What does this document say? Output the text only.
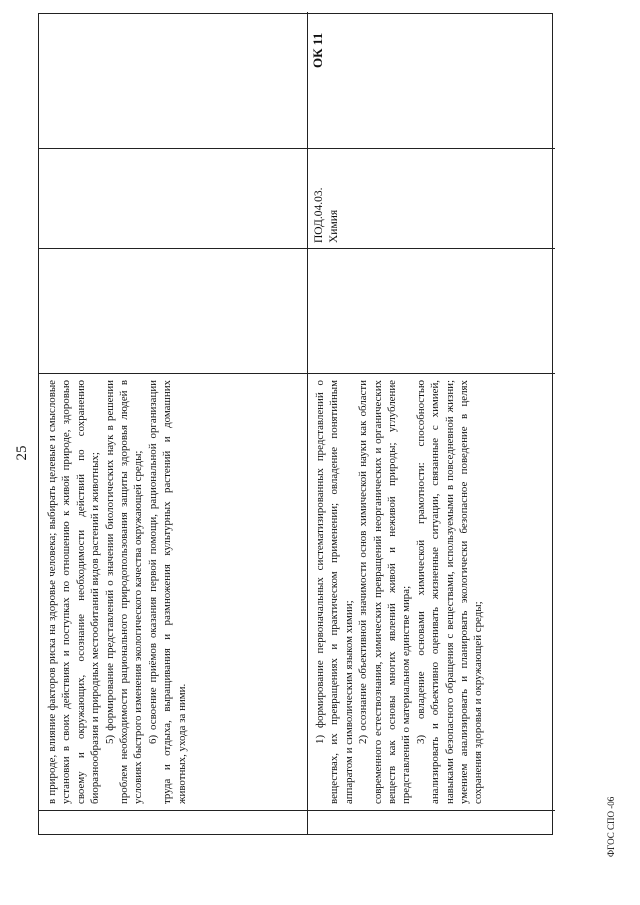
25 в природе, влияние факторов риска на здоровье человека; выбирать целевые и смысловые установки в своих действиях и поступках по отношению к живой природе, здоровью своему и окружающих, осознание необходимости действий по сохранению биоразнообразия и природных местообитаний видов растений и животных; 5) формирование представлений о значении биологических наук в решении проблем необходимости рационального природопользования защиты здоровья людей в условиях быстрого изменения экологического качества окружающей среды; 6) освоение приёмов оказания первой помощи, рациональной организации труда и отдыха, выращивания и размножения культурных растений и домашних животных, ухода за ними.	1) формирование первоначальных систематизированных представлений о веществах, их превращениях и практическом применении; овладение понятийным аппаратом и символическим языком химии; 2) осознание объективной значимости основ химической науки как области современного естествознания, химических превращений неорганических и органических веществ как основы многих явлений живой и неживой природы; углубление представлений о материальном единстве мира; 3) овладение основами химической грамотности: способностью анализировать и объективно оценивать жизненные ситуации, связанные с химией, навыками безопасного обращения с веществами, используемыми в повседневной жизни; умением анализировать и планировать экологически безопасное поведение в целях сохранения здоровья и окружающей среды;

ПОД.04.03. Химия
ОК 11
ФГОС СПО -06
